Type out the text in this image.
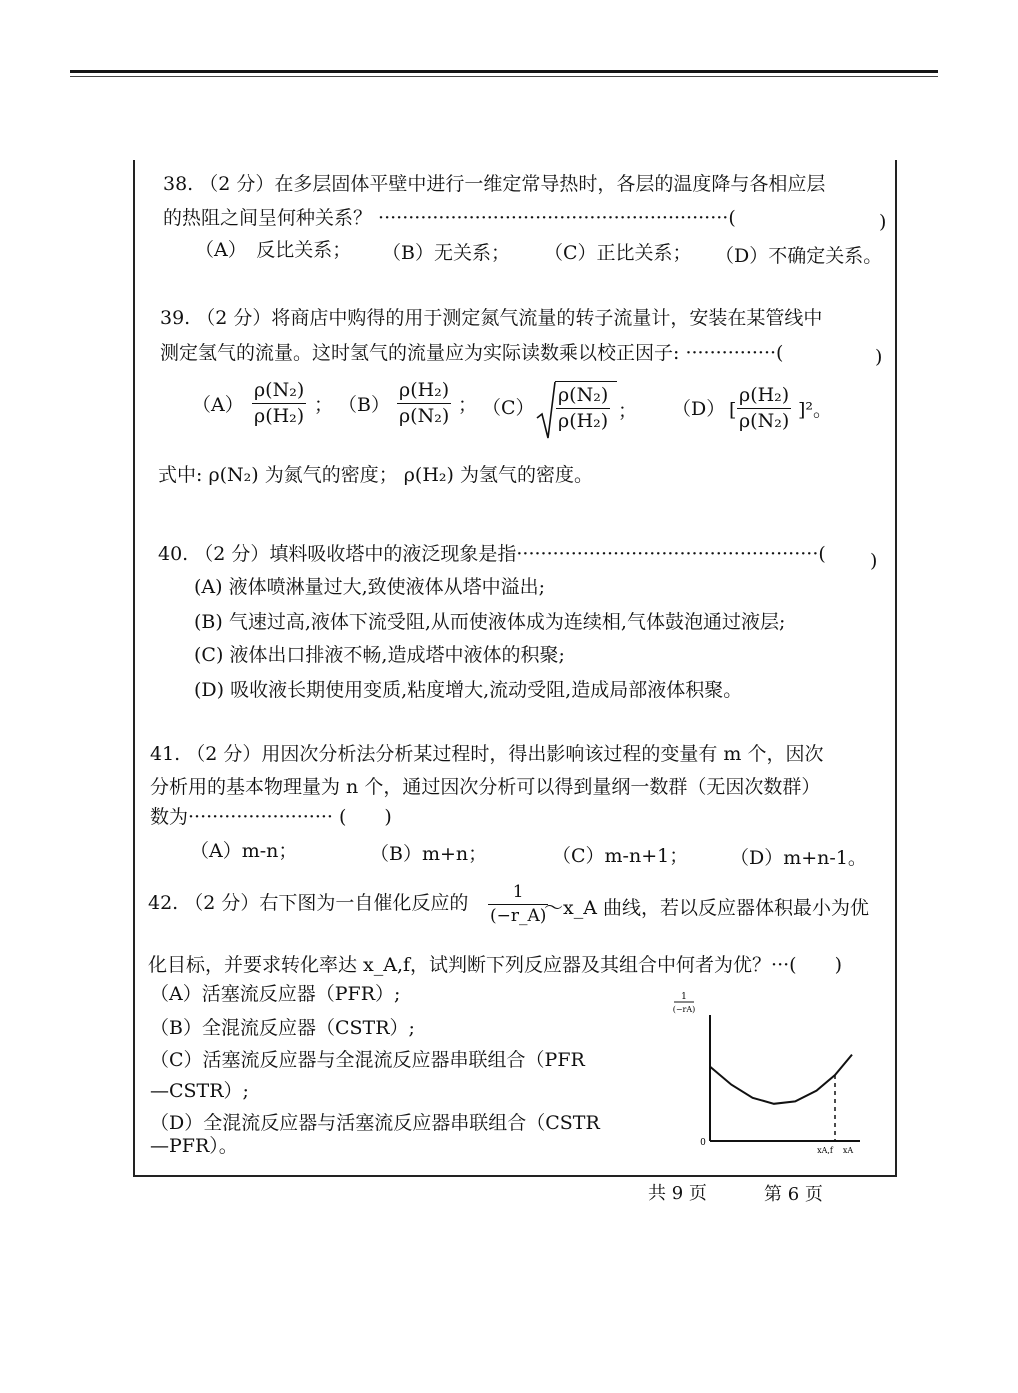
38. （2 分）在多层固体平壁中进行一维定常导热时，各层的温度降与各相应层
的热阻之间呈何种关系？ ··························································(	)
（A）　反比关系； （B）无关系； （C）正比关系； （D）不确定关系。
39. （2 分）将商店中购得的用于测定氮气流量的转子流量计，安装在某管线中
测定氢气的流量。这时氢气的流量应为实际读数乘以校正因子: ···············(	)
（A）
ρ(N₂)
ρ(H₂) ； （B）
ρ(H₂)
ρ(N₂) ； （C）
ρ(N₂)
ρ(H₂) ； （D） [
ρ(H₂)
ρ(N₂) ]²。
式中: ρ(N₂) 为氮气的密度； ρ(H₂) 为氢气的密度。
40. （2 分）填料吸收塔中的液泛现象是指··················································( )
(A) 液体喷淋量过大,致使液体从塔中溢出;
(B) 气速过高,液体下流受阻,从而使液体成为连续相,气体鼓泡通过液层;
(C) 液体出口排液不畅,造成塔中液体的积聚;
(D) 吸收液长期使用变质,粘度增大,流动受阻,造成局部液体积聚。
41. （2 分）用因次分析法分析某过程时，得出影响该过程的变量有 m 个，因次
分析用的基本物理量为 n 个，通过因次分析可以得到量纲一数群（无因次数群）
数为························ (　　)
（A）m-n；	（B）m+n；	（C）m-n+1； （D）m+n-1。
42. （2 分）右下图为一自催化反应的	1
(−r_A)
～x_A 曲线，若以反应器体积最小为优
化目标，并要求转化率达 x_A,f，试判断下列反应器及其组合中何者为优？···(　　)
（A）活塞流反应器（PFR）;
（B）全混流反应器（CSTR）;
（C）活塞流反应器与全混流反应器串联组合（PFR
—CSTR）;
（D）全混流反应器与活塞流反应器串联组合（CSTR
—PFR）。
1
(−rA)
0
xA,f xA
共 9 页	第 6 页
